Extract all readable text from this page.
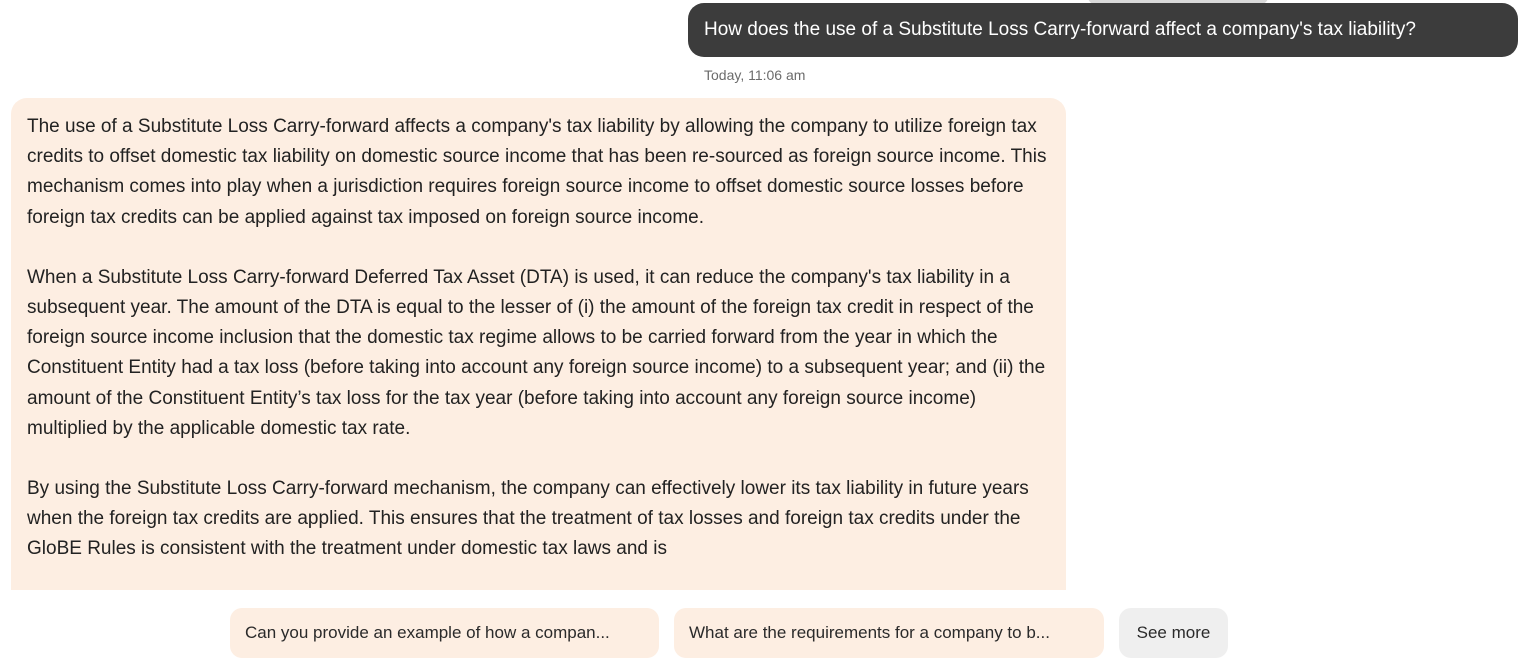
How does the use of a Substitute Loss Carry-forward affect a company's tax liability?
Today, 11:06 am

The use of a Substitute Loss Carry-forward affects a company's tax liability by allowing the company to utilize foreign tax credits to offset domestic tax liability on domestic source income that has been re-sourced as foreign source income. This mechanism comes into play when a jurisdiction requires foreign source income to offset domestic source losses before foreign tax credits can be applied against tax imposed on foreign source income.

When a Substitute Loss Carry-forward Deferred Tax Asset (DTA) is used, it can reduce the company's tax liability in a subsequent year. The amount of the DTA is equal to the lesser of (i) the amount of the foreign tax credit in respect of the foreign source income inclusion that the domestic tax regime allows to be carried forward from the year in which the Constituent Entity had a tax loss (before taking into account any foreign source income) to a subsequent year; and (ii) the amount of the Constituent Entity’s tax loss for the tax year (before taking into account any foreign source income) multiplied by the applicable domestic tax rate.

By using the Substitute Loss Carry-forward mechanism, the company can effectively lower its tax liability in future years when the foreign tax credits are applied. This ensures that the treatment of tax losses and foreign tax credits under the GloBE Rules is consistent with the treatment under domestic tax laws and is

Can you provide an example of how a compan...	What are the requirements for a company to b...	See more
